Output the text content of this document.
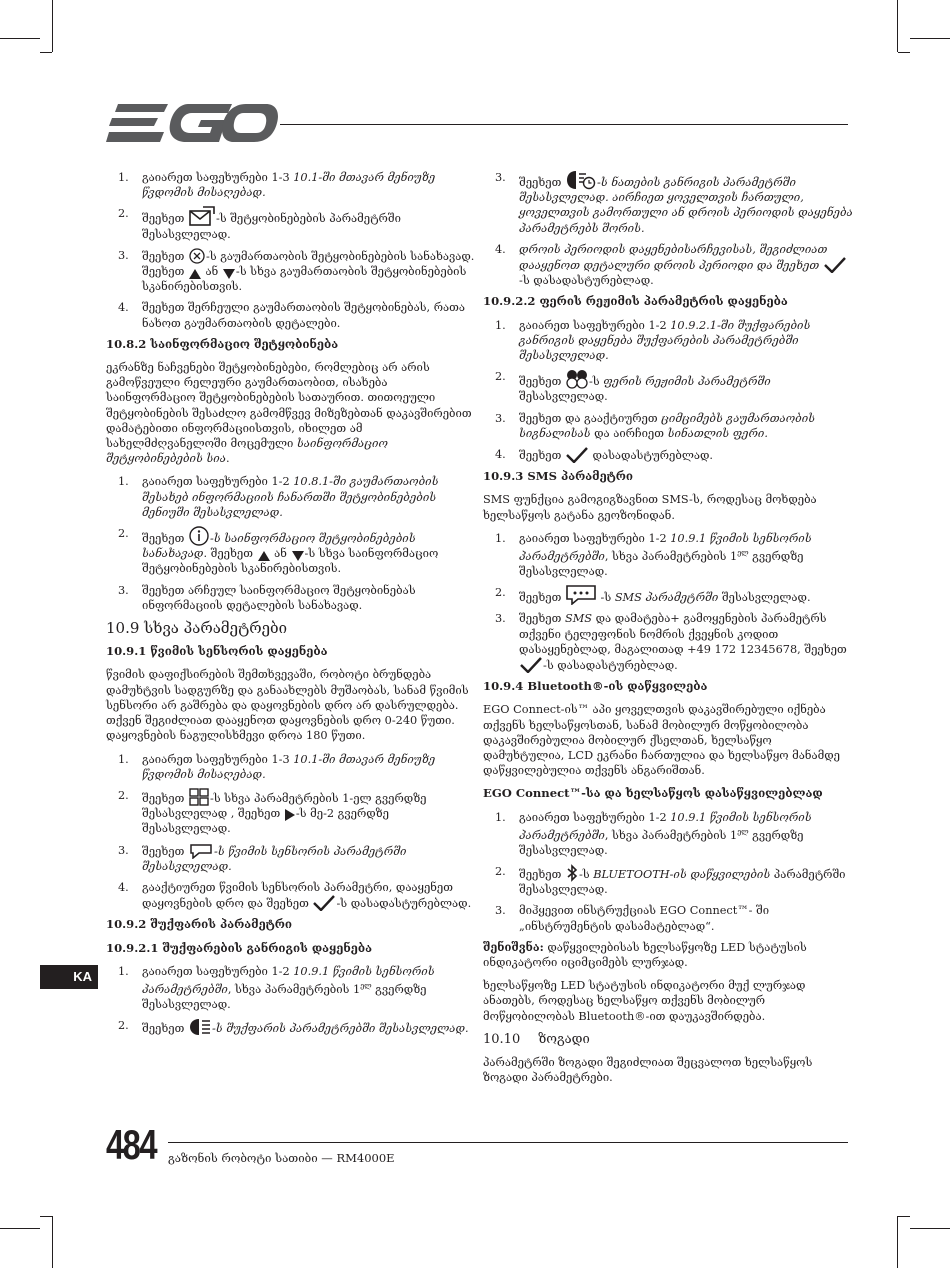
1. გაიარეთ საფეხურები 1-3 10.1-ში მთავარ მენიუზე წვდომის მისაღებად.
2. შეეხეთ -ს შეტყობინებების პარამეტრში შესასვლელად.
3. შეეხეთ -ს გაუმართაობის შეტყობინებების სანახავად. შეეხეთ  ან -ს სხვა გაუმართაობის შეტყობინებების სკანირებისთვის.
4. შეეხეთ შერჩეული გაუმართაობის შეტყობინებას, რათა ნახოთ გაუმართაობის დეტალები.
10.8.2 საინფორმაციო შეტყობინება

ეკრანზე ნაჩვენები შეტყობინებები, რომლებიც არ არის გამოწვეული რელეური გაუმართაობით, ისახება საინფორმაციო შეტყობინებების სათაურით. თითოეული შეტყობინების შესაძლო გამომწვევ მიზეზებთან დაკავშირებით დამატებითი ინფორმაციისთვის, იხილეთ ამ სახელმძღვანელოში მოცემული საინფორმაციო შეტყობინებების სია.

1. გაიარეთ საფეხურები 1-2 10.8.1-ში გაუმართაობის შესახებ ინფორმაციის ჩანართში შეტყობინებების მენიუში შესასვლელად.
2. შეეხეთ -ს საინფორმაციო შეტყობინებების სანახავად. შეეხეთ  ან -ს სხვა საინფორმაციო შეტყობინებების სკანირებისთვის.
3. შეეხეთ არჩეულ საინფორმაციო შეტყობინებას ინფორმაციის დეტალების სანახავად.
10.9 სხვა პარამეტრები
10.9.1 წვიმის სენსორის დაყენება

წვიმის დაფიქსირების შემთხვევაში, რობოტი ბრუნდება დამუხტვის სადგურზე და განაახლებს მუშაობას, სანამ წვიმის სენსორი არ გაშრება და დაყოვნების დრო არ დასრულდება. თქვენ შეგიძლიათ დააყენოთ დაყოვნების დრო 0-240 წუთი. დაყოვნების ნაგულისხმევი დროა 180 წუთი.

1. გაიარეთ საფეხურები 1-3 10.1-ში მთავარ მენიუზე წვდომის მისაღებად.
2. შეეხეთ -ს სხვა პარამეტრების 1-ელ გვერდზე შესასვლელად , შეეხეთ -ს მე-2 გვერდზე შესასვლელად.
3. შეეხეთ -ს წვიმის სენსორის პარამეტრში შესასვლელად.
4. გააქტიურეთ წვიმის სენსორის პარამეტრი, დააყენეთ დაყოვნების დრო და შეეხეთ -ს დასადასტურებლად.
10.9.2 შუქფარის პარამეტრი
10.9.2.1 შუქფარების განრიგის დაყენება
1. გაიარეთ საფეხურები 1-2 10.9.1 წვიმის სენსორის პარამეტრებში, სხვა პარამეტრების $1^{ელ}$ გვერდზე შესასვლელად.
2. შეეხეთ -ს შუქფარის პარამეტრებში შესასვლელად.
3. შეეხეთ	-ს ნათების განრიგის პარამეტრში შესასვლელად. აირჩიეთ ყოველთვის ჩართული, ყოველთვის გამორთული ან დროის პერიოდის დაყენება პარამეტრებს შორის.
4. დროის პერიოდის დაყენებისარჩევისას, შეგიძლიათ დააყენოთ დეტალური დროის პერიოდი და შეეხეთ -ს დასადასტურებლად.
10.9.2.2 ფერის რეჟიმის პარამეტრის დაყენება
1. გაიარეთ საფეხურები 1-2 10.9.2.1-ში შუქფარების განრიგის დაყენება შუქფარების პარამეტრებში შესასვლელად.
2. შეეხეთ -ს ფერის რეჟიმის პარამეტრში შესასვლელად.
3. შეეხეთ და გააქტიურეთ ციმციმებს გაუმართაობის სიგნალისას და აირჩიეთ სინათლის ფერი.
4. შეეხეთ  დასადასტურებლად.
10.9.3 SMS პარამეტრი

SMS ფუნქცია გამოგიგზავნით SMS-ს, როდესაც მოხდება ხელსაწყოს გატანა გეოზონიდან.

1. გაიარეთ საფეხურები 1-2 10.9.1 წვიმის სენსორის პარამეტრებში, სხვა პარამეტრების $1^{ელ}$ გვერდზე შესასვლელად.
2. შეეხეთ	-ს SMS პარამეტრში შესასვლელად.
3. შეეხეთ SMS და დამატება+ გამოყენების პარამეტრს თქვენი ტელეფონის ნომრის ქვეყნის კოდით დასაყენებლად, მაგალითად +49 172 12345678, შეეხეთ -ს დასადასტურებლად.
10.9.4 Bluetooth®-ის დაწყვილება

EGO Connect-ის™ აპი ყოველთვის დაკავშირებული იქნება თქვენს ხელსაწყოსთან, სანამ მობილურ მოწყობილობა დაკავშირებულია მობილურ ქსელთან, ხელსაწყო დამუხტულია, LCD ეკრანი ჩართულია და ხელსაწყო მანამდე დაწყვილებულია თქვენს ანგარიშთან.

EGO Connect™-სა და ხელსაწყოს დასაწყვილებლად
1. გაიარეთ საფეხურები 1-2 10.9.1 წვიმის სენსორის პარამეტრებში, სხვა პარამეტრების $1^{ელ}$ გვერდზე შესასვლელად.
2. შეეხეთ -ს BLUETOOTH-ის დაწყვილების პარამეტრში შესასვლელად.
3. მიჰყევით ინსტრუქციას EGO Connect™- ში „ინსტრუმენტის დასამატებლად“.

შენიშვნა: დაწყვილებისას ხელსაწყოზე LED სტატუსის ინდიკატორი იციმციმებს ლურჯად.

ხელსაწყოზე LED სტატუსის ინდიკატორი მუქ ლურჯად ანათებს, როდესაც ხელსაწყო თქვენს მობილურ მოწყობილობას Bluetooth®-ით დაუკავშირდება.

10.10 ზოგადი

პარამეტრში ზოგადი შეგიძლიათ შეცვალოთ ხელსაწყოს ზოგადი პარამეტრები.

KA
484 გაზონის რობოტი სათიბი — RM4000E
